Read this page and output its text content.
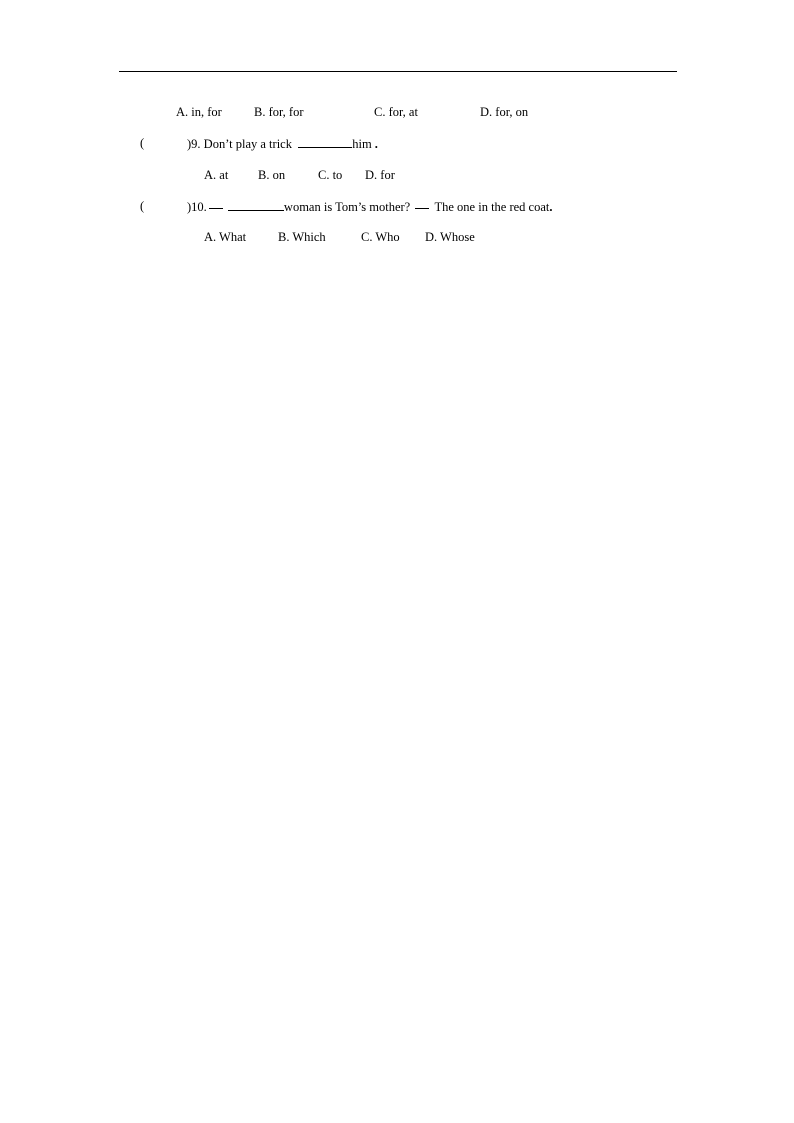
A. in, for	B. for, for	C. for, at	D. for, on
(	)9. Don’t play a trick	him .
A. at B. on	C. to D. for
(	)10.	woman is Tom’s mother? The one in the red coat.
A. What	B. Which	C. Who D. Whose
